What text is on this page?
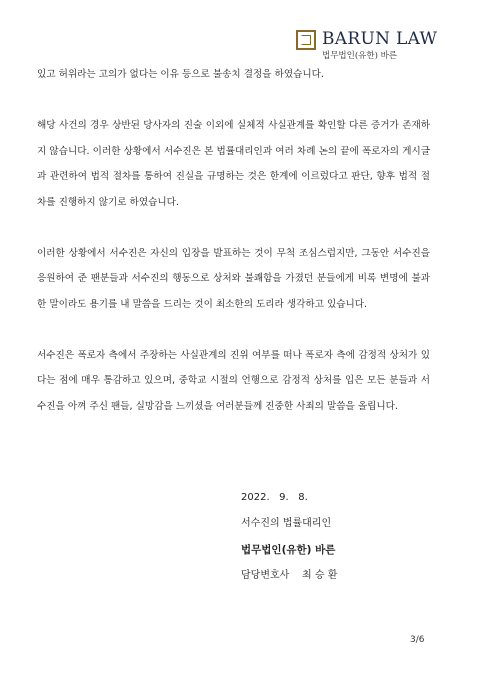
BARUN LAW
법무법인(유한) 바른

있고 허위라는 고의가 없다는 이유 등으로 불송치 결정을 하였습니다.

해당 사건의 경우 상반된 당사자의 진술 이외에 실체적 사실관계를 확인할 다른 증거가 존재하지 않습니다. 이러한 상황에서 서수진은 본 법률대리인과 여러 차례 논의 끝에 폭로자의 게시글과 관련하여 법적 절차를 통하여 진실을 규명하는 것은 한계에 이르렀다고 판단, 향후 법적 절차를 진행하지 않기로 하였습니다.

이러한 상황에서 서수진은 자신의 입장을 발표하는 것이 무척 조심스럽지만, 그동안 서수진을 응원하여 준 팬분들과 서수진의 행동으로 상처와 불쾌함을 가졌던 분들에게 비록 변명에 불과한 말이라도 용기를 내 말씀을 드리는 것이 최소한의 도리라 생각하고 있습니다.

서수진은 폭로자 측에서 주장하는 사실관계의 진위 여부를 떠나 폭로자 측에 감정적 상처가 있다는 점에 매우 통감하고 있으며, 중학교 시절의 언행으로 감정적 상처를 입은 모든 분들과 서수진을 아껴 주신 팬들, 실망감을 느끼셨을 여러분들께 진중한 사죄의 말씀을 올립니다.

2022.   9.   8.
서수진의 법률대리인
법무법인(유한) 바른
담당변호사    최 승 환
3/6
